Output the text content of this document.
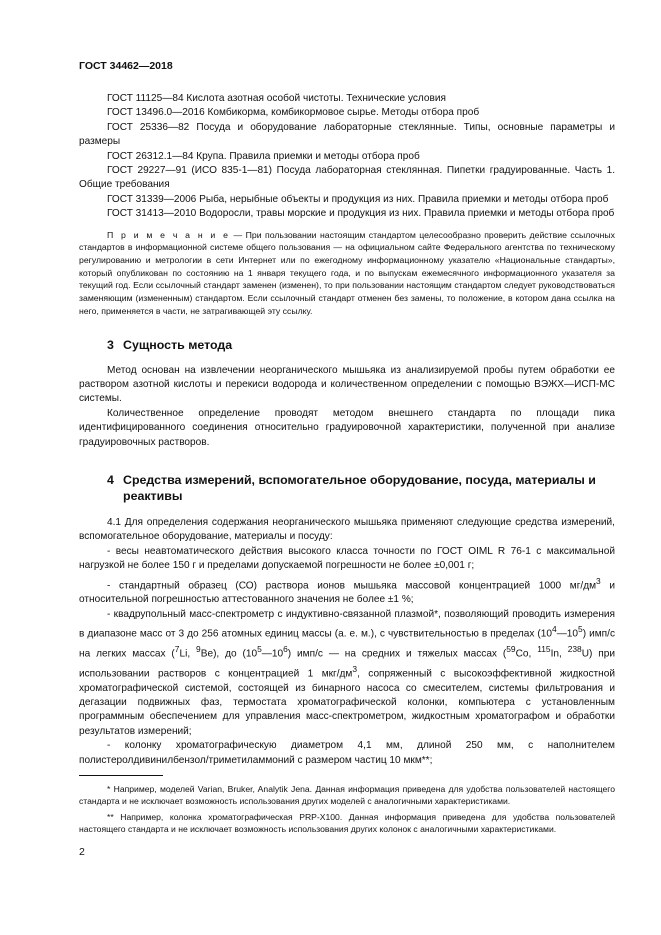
ГОСТ 34462—2018

ГОСТ 11125—84 Кислота азотная особой чистоты. Технические условия

ГОСТ 13496.0—2016 Комбикорма, комбикормовое сырье. Методы отбора проб

ГОСТ 25336—82 Посуда и оборудование лабораторные стеклянные. Типы, основные параметры и размеры

ГОСТ 26312.1—84 Крупа. Правила приемки и методы отбора проб

ГОСТ 29227—91 (ИСО 835-1—81) Посуда лабораторная стеклянная. Пипетки градуированные. Часть 1. Общие требования

ГОСТ 31339—2006 Рыба, нерыбные объекты и продукция из них. Правила приемки и методы отбора проб

ГОСТ 31413—2010 Водоросли, травы морские и продукция из них. Правила приемки и методы отбора проб

П р и м е ч а н и е — При пользовании настоящим стандартом целесообразно проверить действие ссылочных стандартов в информационной системе общего пользования — на официальном сайте Федерального агентства по техническому регулированию и метрологии в сети Интернет или по ежегодному информационному указателю «Национальные стандарты», который опубликован по состоянию на 1 января текущего года, и по выпускам ежемесячного информационного указателя за текущий год. Если ссылочный стандарт заменен (изменен), то при пользовании настоящим стандартом следует руководствоваться заменяющим (измененным) стандартом. Если ссылочный стандарт отменен без замены, то положение, в котором дана ссылка на него, применяется в части, не затрагивающей эту ссылку.

3 Сущность метода

Метод основан на извлечении неорганического мышьяка из анализируемой пробы путем обработки ее раствором азотной кислоты и перекиси водорода и количественном определении с помощью ВЭЖХ—ИСП-МС системы.

Количественное определение проводят методом внешнего стандарта по площади пика идентифицированного соединения относительно градуировочной характеристики, полученной при анализе градуировочных растворов.

4 Средства измерений, вспомогательное оборудование, посуда, материалы и реактивы

4.1 Для определения содержания неорганического мышьяка применяют следующие средства измерений, вспомогательное оборудование, материалы и посуду:

- весы неавтоматического действия высокого класса точности по ГОСТ OIML R 76-1 с максимальной нагрузкой не более 150 г и пределами допускаемой погрешности не более ±0,001 г;

- стандартный образец (СО) раствора ионов мышьяка массовой концентрацией 1000 $мг/дм^3$ и относительной погрешностью аттестованного значения не более ±1 %;

- квадрупольный масс-спектрометр с индуктивно-связанной плазмой*, позволяющий проводить измерения в диапазоне масс от 3 до 256 атомных единиц массы (а. е. м.), с чувствительностью в пределах $(10^4—10^5)$ имп/с на легких массах ($^7$Li, $^9$Be), до $(10^5—10^6)$ имп/с — на средних и тяжелых массах ($^{59}$Co, $^{115}$In, $^{238}$U) при использовании растворов с концентрацией 1 мкг/$дм^3$, сопряженный с высокоэффективной жидкостной хроматографической системой, состоящей из бинарного насоса со смесителем, системы фильтрования и дегазации подвижных фаз, термостата хроматографической колонки, компьютера с установленным программным обеспечением для управления масс-спектрометром, жидкостным хроматографом и обработки результатов измерений;

- колонку хроматографическую диаметром 4,1 мм, длиной 250 мм, с наполнителем полистеролдивинилбензол/триметиламмоний с размером частиц 10 мкм**;

* Например, моделей Varian, Bruker, Analytik Jena. Данная информация приведена для удобства пользователей настоящего стандарта и не исключает возможность использования других моделей с аналогичными характеристиками.

** Например, колонка хроматографическая PRP-X100. Данная информация приведена для удобства пользователей настоящего стандарта и не исключает возможность использования других колонок с аналогичными характеристиками.

2
